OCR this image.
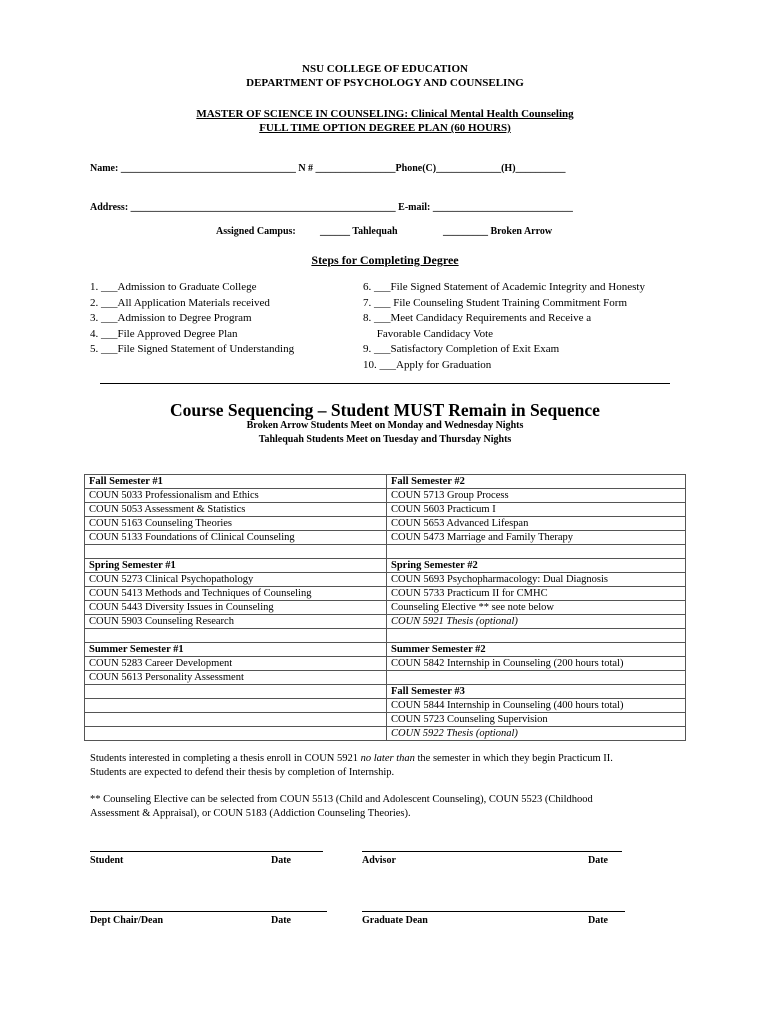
NSU COLLEGE OF EDUCATION
DEPARTMENT OF PSYCHOLOGY AND COUNSELING
MASTER OF SCIENCE IN COUNSELING: Clinical Mental Health Counseling
FULL TIME OPTION DEGREE PLAN (60 HOURS)
Name: ___________________________________ N # ________________Phone(C)_____________(H)__________
Address: _____________________________________________________ E-mail: ____________________________
Assigned Campus: ______ Tahlequah	_________ Broken Arrow
Steps for Completing Degree
1. ___Admission to Graduate College
2. ___All Application Materials received
3. ___Admission to Degree Program
4. ___File Approved Degree Plan
5. ___File Signed Statement of Understanding
6. ___File Signed Statement of Academic Integrity and Honesty
7. ___ File Counseling Student Training Commitment Form
8. ___Meet Candidacy Requirements and Receive a
Favorable Candidacy Vote
9. ___Satisfactory Completion of Exit Exam
10. ___Apply for Graduation
Course Sequencing – Student MUST Remain in Sequence
Broken Arrow Students Meet on Monday and Wednesday Nights
Tahlequah Students Meet on Tuesday and Thursday Nights
Fall Semester #1	Fall Semester #2
COUN 5033 Professionalism and Ethics	COUN 5713 Group Process
COUN 5053 Assessment & Statistics	COUN 5603 Practicum I
COUN 5163 Counseling Theories	COUN 5653 Advanced Lifespan
COUN 5133 Foundations of Clinical Counseling	COUN 5473 Marriage and Family Therapy

Spring Semester #1	Spring Semester #2
COUN 5273 Clinical Psychopathology	COUN 5693 Psychopharmacology: Dual Diagnosis
COUN 5413 Methods and Techniques of Counseling	COUN 5733 Practicum II for CMHC
COUN 5443 Diversity Issues in Counseling	Counseling Elective ** see note below
COUN 5903 Counseling Research	COUN 5921 Thesis (optional)

Summer Semester #1	Summer Semester #2
COUN 5283 Career Development	COUN 5842 Internship in Counseling (200 hours total)
COUN 5613 Personality Assessment	
	Fall Semester #3
	COUN 5844 Internship in Counseling (400 hours total)
	COUN 5723 Counseling Supervision
	COUN 5922 Thesis (optional)
Students interested in completing a thesis enroll in COUN 5921 no later than the semester in which they begin Practicum II.
Students are expected to defend their thesis by completion of Internship.
** Counseling Elective can be selected from COUN 5513 (Child and Adolescent Counseling), COUN 5523 (Childhood
Assessment & Appraisal), or COUN 5183 (Addiction Counseling Theories).
Student	Date	Advisor	Date
Dept Chair/Dean	Date	Graduate Dean	Date
